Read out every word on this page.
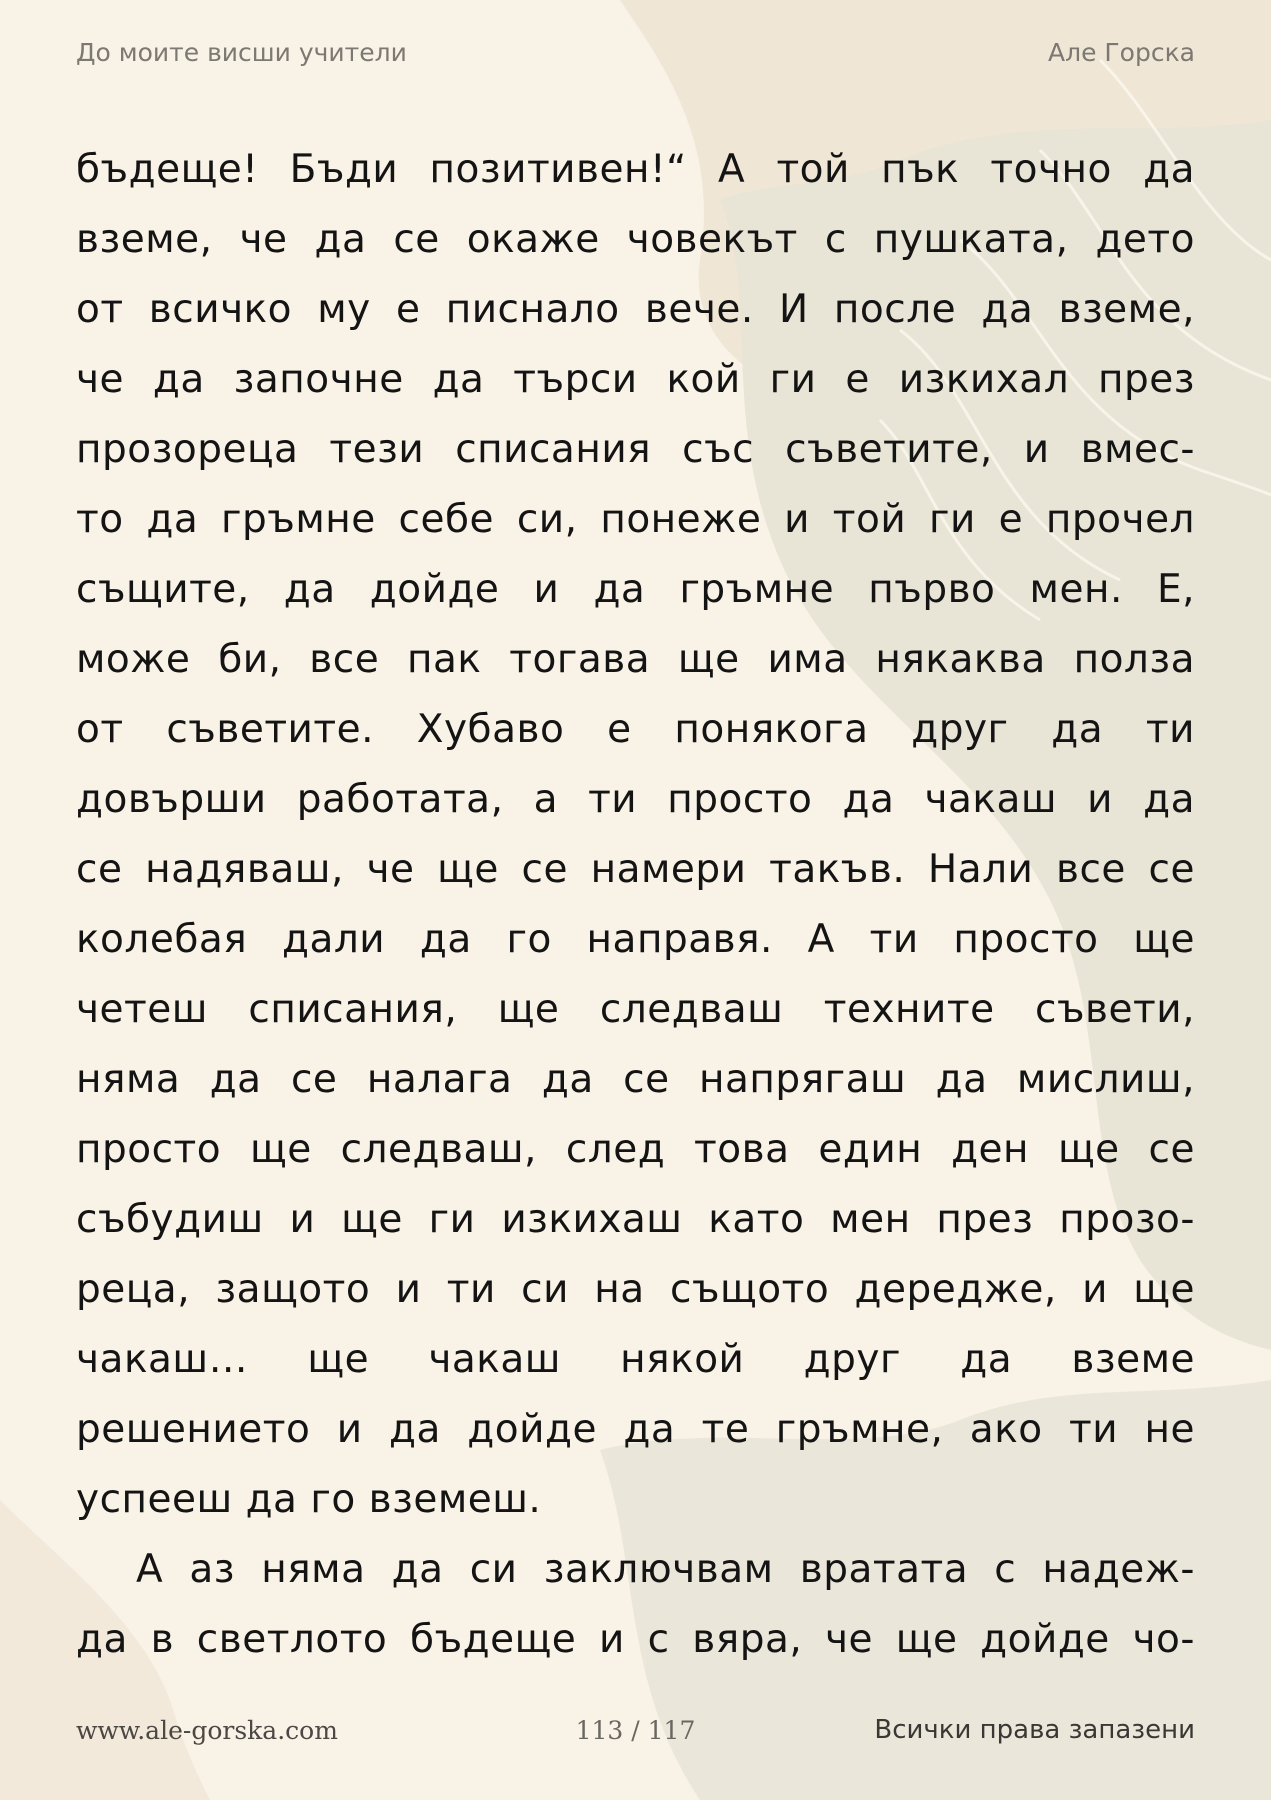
До моите висши учители	Але Горска
бъдеще! Бъди позитивен!“ А той пък точно да
вземе, че да се окаже човекът с пушката, дето
от всичко му е писнало вече. И после да вземе,
че да започне да търси кой ги е изкихал през
прозореца тези списания със съветите, и вмес-
то да гръмне себе си, понеже и той ги е прочел
същите, да дойде и да гръмне първо мен. Е,
може би, все пак тогава ще има някаква полза
от съветите. Хубаво е понякога друг да ти
довърши работата, а ти просто да чакаш и да
се надяваш, че ще се намери такъв. Нали все се
колебая дали да го направя. А ти просто ще
четеш списания, ще следваш техните съвети,
няма да се налага да се напрягаш да мислиш,
просто ще следваш, след това един ден ще се
събудиш и ще ги изкихаш като мен през прозо-
реца, защото и ти си на същото дередже, и ще
чакаш… ще чакаш някой друг да вземе
решението и да дойде да те гръмне, ако ти не
успееш да го вземеш.
А аз няма да си заключвам вратата с надеж-
да в светлото бъдеще и с вяра, че ще дойде чо-
www.ale-gorska.com	113 / 117	Всички права запазени
